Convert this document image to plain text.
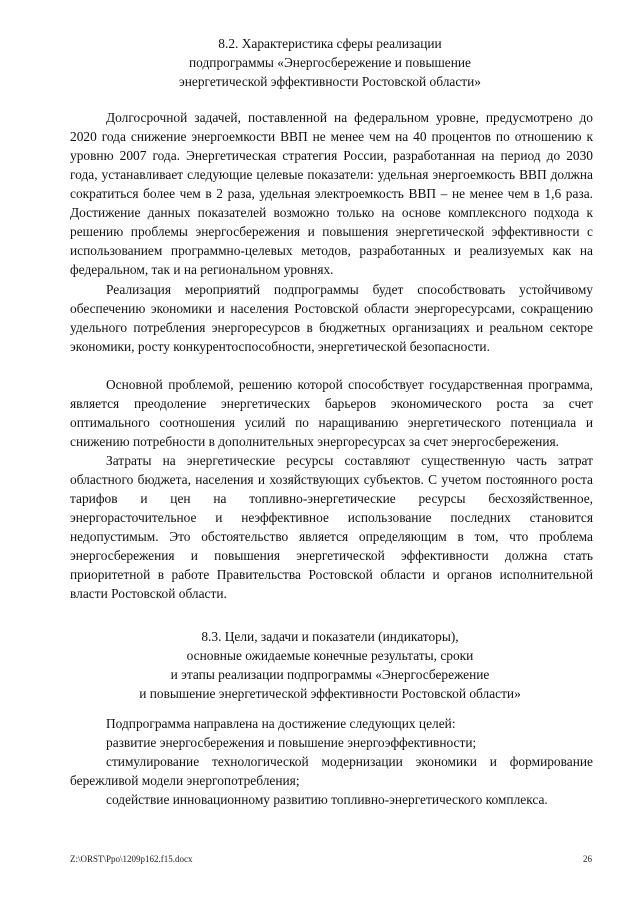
8.2. Характеристика сферы реализации
подпрограммы «Энергосбережение и повышение
энергетической эффективности Ростовской области»

Долгосрочной задачей, поставленной на федеральном уровне, предусмотрено до 2020 года снижение энергоемкости ВВП не менее чем на 40 процентов по отношению к уровню 2007 года. Энергетическая стратегия России, разработанная на период до 2030 года, устанавливает следующие целевые показатели: удельная энергоемкость ВВП должна сократиться более чем в 2 раза, удельная электроемкость ВВП – не менее чем в 1,6 раза. Достижение данных показателей возможно только на основе комплексного подхода к решению проблемы энергосбережения и повышения энергетической эффективности с использованием программно-целевых методов, разработанных и реализуемых как на федеральном, так и на региональном уровнях.

Реализация мероприятий подпрограммы будет способствовать устойчивому обеспечению экономики и населения Ростовской области энергоресурсами, сокращению удельного потребления энергоресурсов в бюджетных организациях и реальном секторе экономики, росту конкурентоспособности, энергетической безопасности.

Основной проблемой, решению которой способствует государственная программа, является преодоление энергетических барьеров экономического роста за счет оптимального соотношения усилий по наращиванию энергетического потенциала и снижению потребности в дополнительных энергоресурсах за счет энергосбережения.

Затраты на энергетические ресурсы составляют существенную часть затрат областного бюджета, населения и хозяйствующих субъектов. С учетом постоянного роста тарифов и цен на топливно-энергетические ресурсы бесхозяйственное, энергорасточительное и неэффективное использование последних становится недопустимым. Это обстоятельство является определяющим в том, что проблема энергосбережения и повышения энергетической эффективности должна стать приоритетной в работе Правительства Ростовской области и органов исполнительной власти Ростовской области.

8.3. Цели, задачи и показатели (индикаторы),
основные ожидаемые конечные результаты, сроки
и этапы реализации подпрограммы «Энергосбережение
и повышение энергетической эффективности Ростовской области»

Подпрограмма направлена на достижение следующих целей:

развитие энергосбережения и повышение энергоэффективности;

стимулирование технологической модернизации экономики и формирование бережливой модели энергопотребления;

содействие инновационному развитию топливно-энергетического комплекса.

Z:\ORST\Ppo\1209p162.f15.docx	26
